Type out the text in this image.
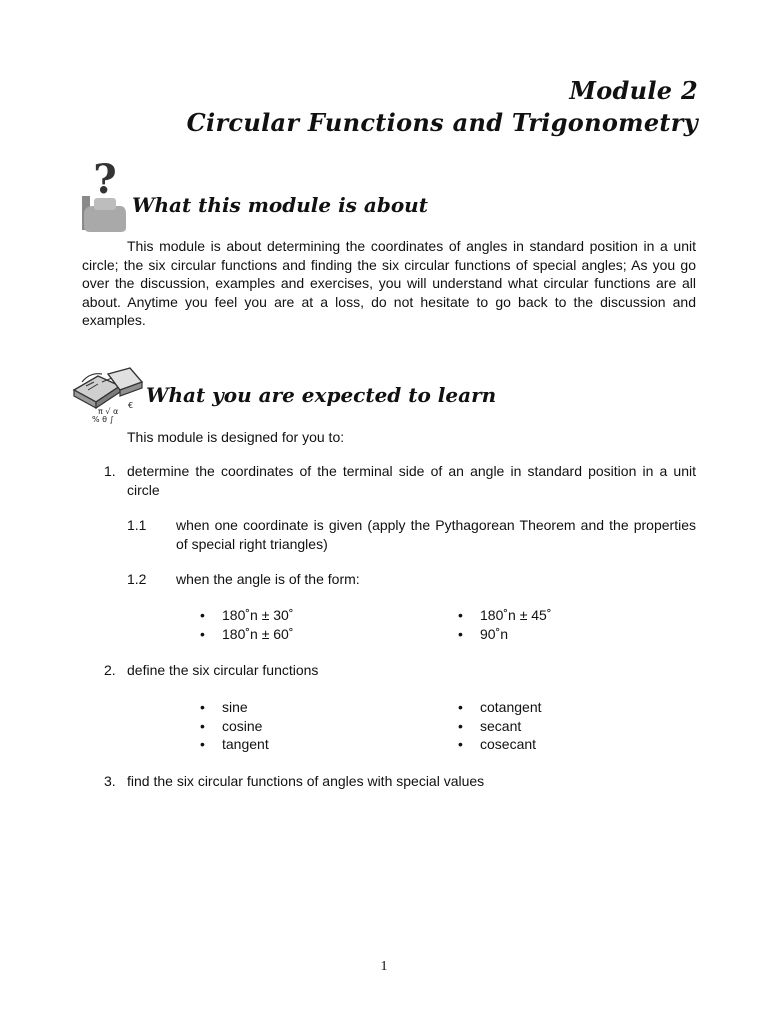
Module 2
Circular Functions and Trigonometry
?
What this module is about

This module is about determining the coordinates of angles in standard position in a unit circle; the six circular functions and finding the six circular functions of special angles; As you go over the discussion, examples and exercises, you will understand what circular functions are all about. Anytime you feel you are at a loss, do not hesitate to go back to the discussion and examples.

π √ α
% θ ∫
€ What you are expected to learn
This module is designed for you to:
1. determine the coordinates of the terminal side of an angle in standard position in a unit circle
1.1 when one coordinate is given (apply the Pythagorean Theorem and the properties of special right triangles)
1.2 when the angle is of the form:
• 180˚n ± 30˚
• 180˚n ± 60˚
• 180˚n ± 45˚
• 90˚n
2. define the six circular functions
• sine
• cosine
• tangent
• cotangent
• secant
• cosecant
3. find the six circular functions of angles with special values
1
